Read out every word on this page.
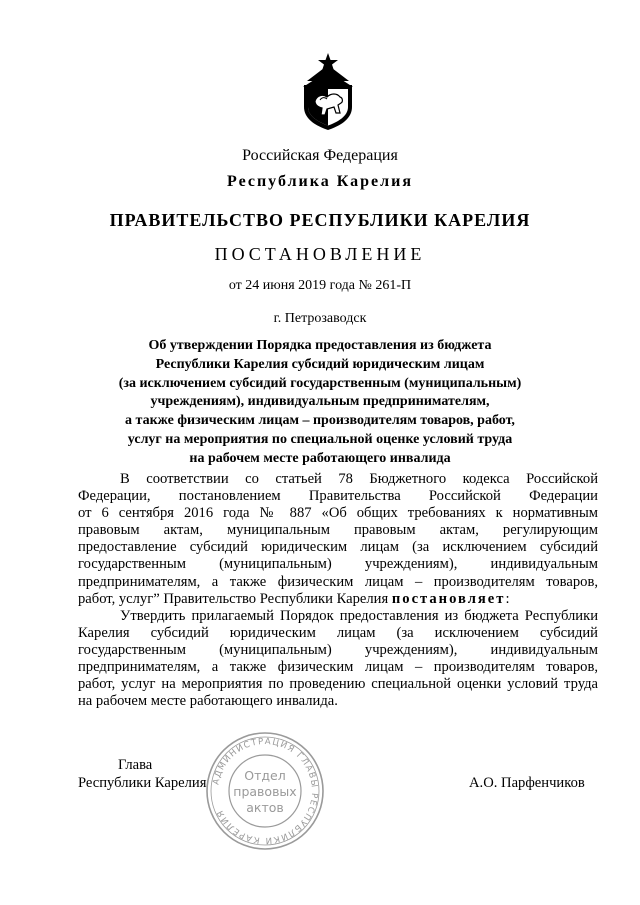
Российская Федерация
Республика Карелия
ПРАВИТЕЛЬСТВО РЕСПУБЛИКИ КАРЕЛИЯ
ПОСТАНОВЛЕНИЕ
от 24 июня 2019 года № 261-П
г. Петрозаводск
Об утверждении Порядка предоставления из бюджета
Республики Карелия субсидий юридическим лицам
(за исключением субсидий государственным (муниципальным)
учреждениям), индивидуальным предпринимателям,
а также физическим лицам – производителям товаров, работ,
услуг на мероприятия по специальной оценке условий труда
на рабочем месте работающего инвалида
В соответствии со статьей 78 Бюджетного кодекса Российской
Федерации, постановлением Правительства Российской Федерации
от 6 сентября 2016 года № 887 «Об общих требованиях к нормативным
правовым актам, муниципальным правовым актам, регулирующим
предоставление субсидий юридическим лицам (за исключением субсидий
государственным (муниципальным) учреждениям), индивидуальным
предпринимателям, а также физическим лицам – производителям товаров,
работ, услуг” Правительство Республики Карелия постановляет:
Утвердить прилагаемый Порядок предоставления из бюджета Республики
Карелия субсидий юридическим лицам (за исключением субсидий
государственным (муниципальным) учреждениям), индивидуальным
предпринимателям, а также физическим лицам – производителям товаров,
работ, услуг на мероприятия по проведению специальной оценки условий труда
на рабочем месте работающего инвалида.
Глава
Республики Карелия АДМИНИСТРАЦИЯ ГЛАВЫ РЕСПУБЛИКИ КАРЕЛИЯ
Отдел
правовых
актов
А.О. Парфенчиков
